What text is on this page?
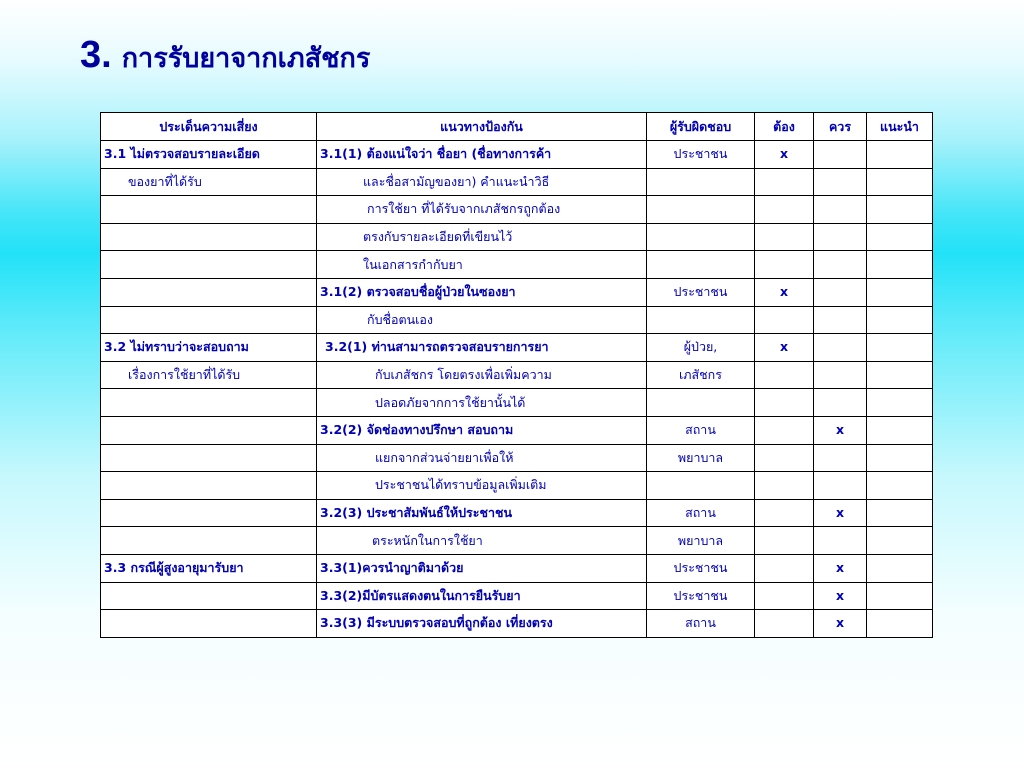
3. การรับยาจากเภสัชกร
ประเด็นความเสี่ยง	แนวทางป้องกัน	ผู้รับผิดชอบ	ต้อง	ควร	แนะนำ
3.1 ไม่ตรวจสอบรายละเอียด	3.1(1) ต้องแน่ใจว่า ชื่อยา (ชื่อทางการค้า	ประชาชน	x		
ของยาที่ได้รับ	และชื่อสามัญของยา) คำแนะนำวิธี				
	การใช้ยา ที่ได้รับจากเภสัชกรถูกต้อง				
	ตรงกับรายละเอียดที่เขียนไว้				
	ในเอกสารกำกับยา				
	3.1(2) ตรวจสอบชื่อผู้ป่วยในซองยา	ประชาชน	x		
	กับชื่อตนเอง				
3.2 ไม่ทราบว่าจะสอบถาม	3.2(1) ท่านสามารถตรวจสอบรายการยา	ผู้ป่วย,	x		
เรื่องการใช้ยาที่ได้รับ	กับเภสัชกร โดยตรงเพื่อเพิ่มความ	เภสัชกร			
	ปลอดภัยจากการใช้ยานั้นได้				
	3.2(2) จัดช่องทางปรึกษา สอบถาม	สถาน		x	
	แยกจากส่วนจ่ายยาเพื่อให้	พยาบาล			
	ประชาชนได้ทราบข้อมูลเพิ่มเติม				
	3.2(3) ประชาสัมพันธ์ให้ประชาชน	สถาน		x	
	ตระหนักในการใช้ยา	พยาบาล			
3.3 กรณีผู้สูงอายุมารับยา	3.3(1)ควรนำญาติมาด้วย	ประชาชน		x	
	3.3(2)มีบัตรแสดงตนในการยืนรับยา	ประชาชน		x	
	3.3(3) มีระบบตรวจสอบที่ถูกต้อง เที่ยงตรง	สถาน		x	
